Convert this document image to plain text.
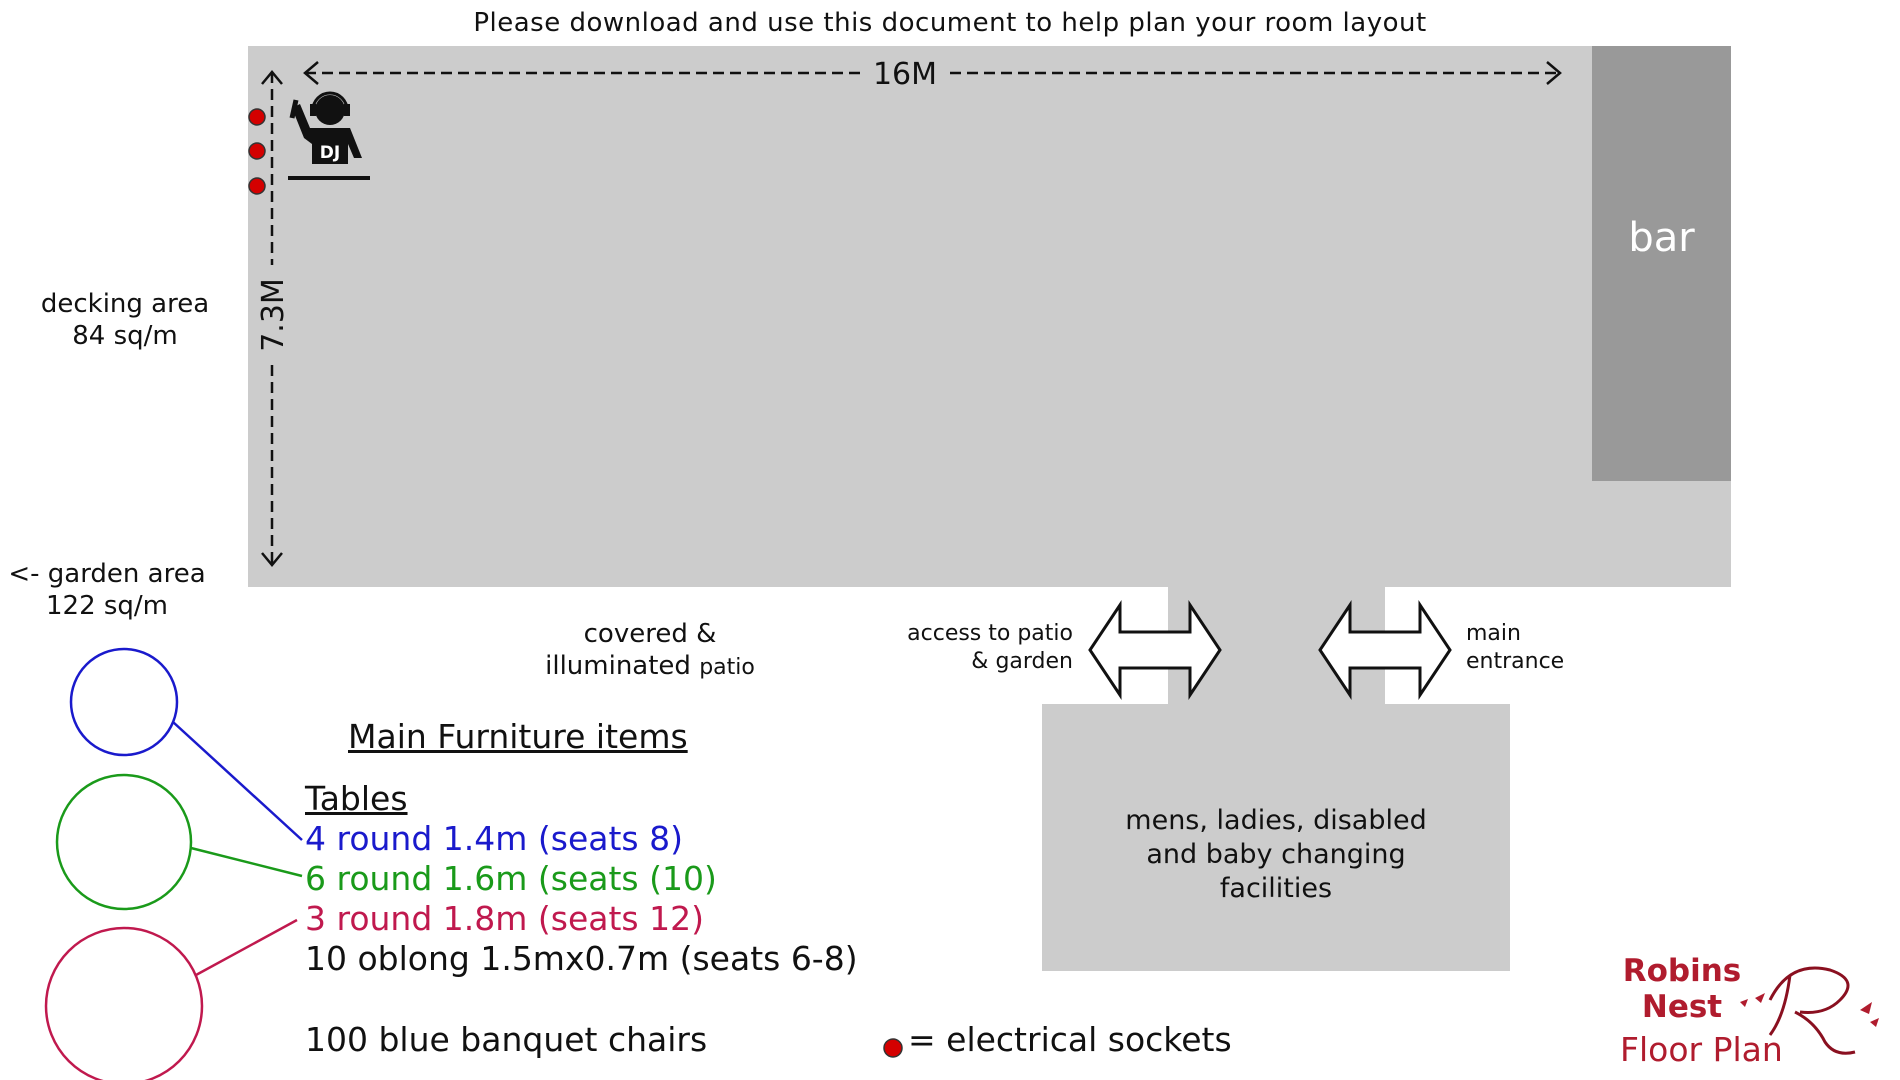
Please download and use this document to help plan your room layout
bar
mens, ladies, disabled
and baby changing
facilities
16M
7.3M
DJ
decking area
84 sq/m
<- garden area
122 sq/m
covered &
illuminated patio
access to patio
& garden
main
entrance
Main Furniture items
Tables
4 round 1.4m (seats 8)
6 round 1.6m (seats (10)
3 round 1.8m (seats 12)
10 oblong 1.5mx0.7m (seats 6-8)
100 blue banquet chairs	= electrical sockets
Robins
Nest
Floor Plan
